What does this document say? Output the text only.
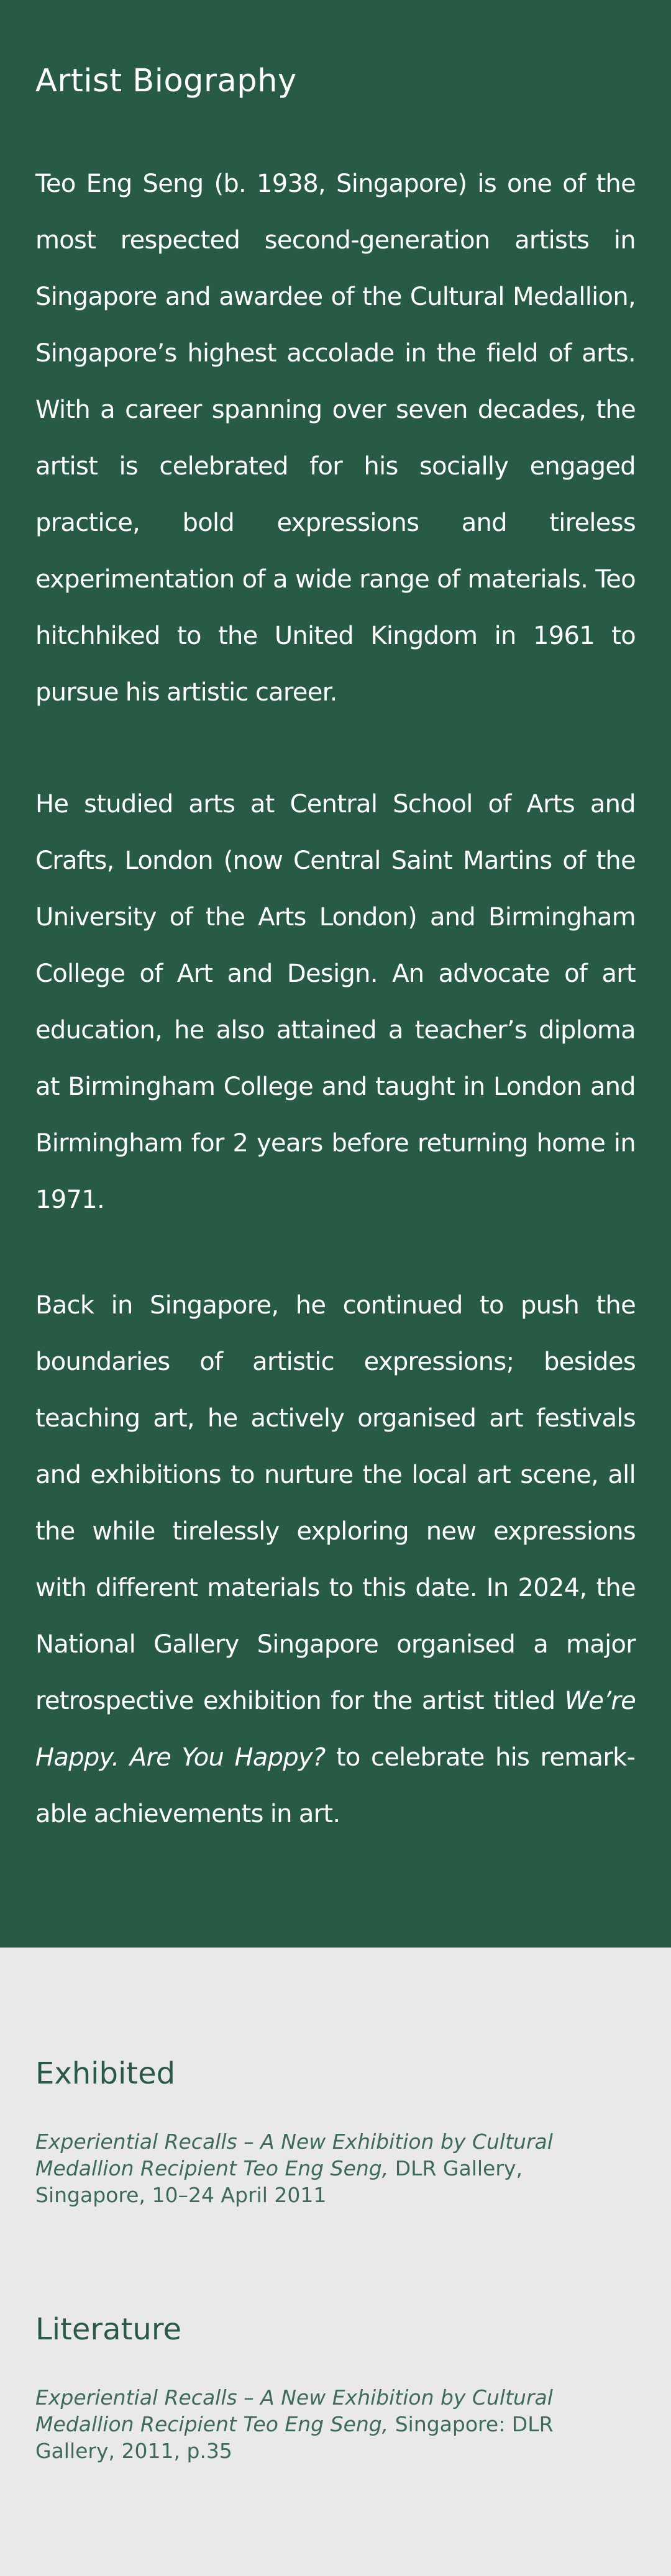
Artist Biography

Teo Eng Seng (b. 1938, Singapore) is one of the most respected second-generation artists in Singapore and awardee of the Cultural Medallion, Singapore’s highest accolade in the field of arts. With a career spanning over seven decades, the artist is celebrated for his socially engaged practice, bold expressions and tireless experimentation of a wide range of materials. Teo hitchhiked to the United Kingdom in 1961 to pursue his artistic career.

He studied arts at Central School of Arts and Crafts, London (now Central Saint Martins of the University of the Arts London) and Birmingham College of Art and Design. An advocate of art education, he also attained a teacher’s diploma at Birmingham College and taught in London and Birmingham for 2 years before returning home in 1971.

Back in Singapore, he continued to push the boundaries of artistic expressions; besides teaching art, he actively organised art festivals and exhibitions to nurture the local art scene, all the while tirelessly exploring new expressions with different materials to this date. In 2024, the National Gallery Singapore organised a major retrospective exhibition for the artist titled We’re Happy. Are You Happy? to celebrate his remarkable achievements in art.

Exhibited

Experiential Recalls – A New Exhibition by Cultural Medallion Recipient Teo Eng Seng, DLR Gallery, Singapore, 10–24 April 2011

Literature

Experiential Recalls – A New Exhibition by Cultural Medallion Recipient Teo Eng Seng, Singapore: DLR Gallery, 2011, p.35
